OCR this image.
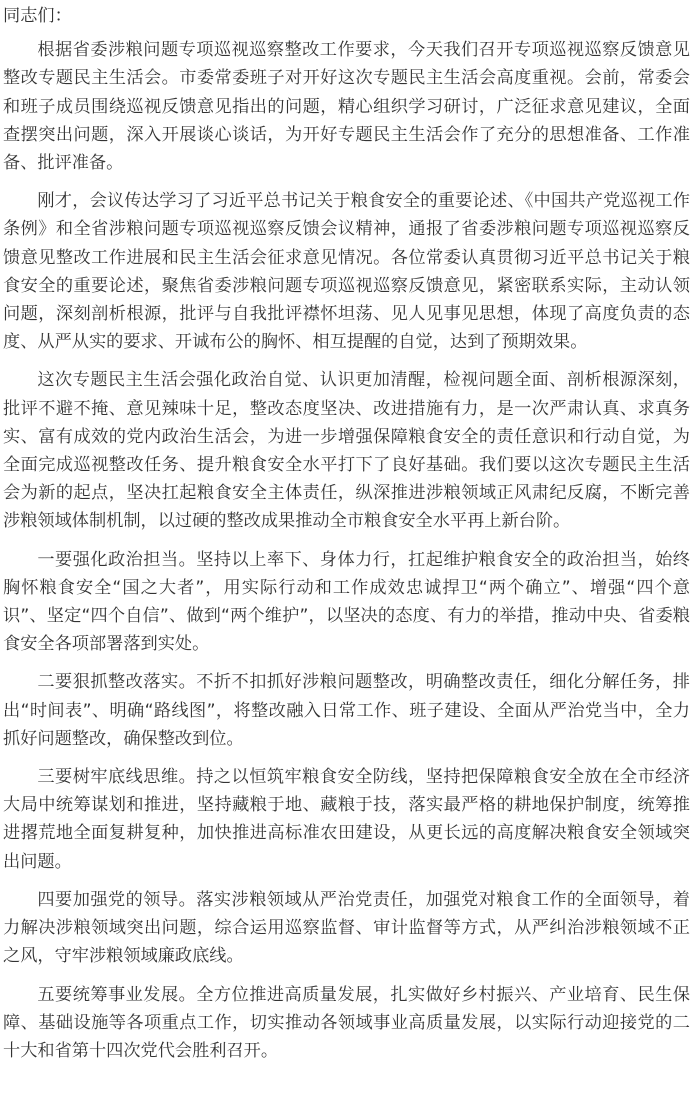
同志们：

根据省委涉粮问题专项巡视巡察整改工作要求，今天我们召开专项巡视巡察反馈意见整改专题民主生活会。市委常委班子对开好这次专题民主生活会高度重视。会前，常委会和班子成员围绕巡视反馈意见指出的问题，精心组织学习研讨，广泛征求意见建议，全面查摆突出问题，深入开展谈心谈话，为开好专题民主生活会作了充分的思想准备、工作准备、批评准备。

刚才，会议传达学习了习近平总书记关于粮食安全的重要论述、《中国共产党巡视工作条例》和全省涉粮问题专项巡视巡察反馈会议精神，通报了省委涉粮问题专项巡视巡察反馈意见整改工作进展和民主生活会征求意见情况。各位常委认真贯彻习近平总书记关于粮食安全的重要论述，聚焦省委涉粮问题专项巡视巡察反馈意见，紧密联系实际，主动认领问题，深刻剖析根源，批评与自我批评襟怀坦荡、见人见事见思想，体现了高度负责的态度、从严从实的要求、开诚布公的胸怀、相互提醒的自觉，达到了预期效果。

这次专题民主生活会强化政治自觉、认识更加清醒，检视问题全面、剖析根源深刻，批评不避不掩、意见辣味十足，整改态度坚决、改进措施有力，是一次严肃认真、求真务实、富有成效的党内政治生活会，为进一步增强保障粮食安全的责任意识和行动自觉，为全面完成巡视整改任务、提升粮食安全水平打下了良好基础。我们要以这次专题民主生活会为新的起点，坚决扛起粮食安全主体责任，纵深推进涉粮领域正风肃纪反腐，不断完善涉粮领域体制机制，以过硬的整改成果推动全市粮食安全水平再上新台阶。

一要强化政治担当。坚持以上率下、身体力行，扛起维护粮食安全的政治担当，始终胸怀粮食安全“国之大者”，用实际行动和工作成效忠诚捍卫“两个确立”、增强“四个意识”、坚定“四个自信”、做到“两个维护”，以坚决的态度、有力的举措，推动中央、省委粮食安全各项部署落到实处。

二要狠抓整改落实。不折不扣抓好涉粮问题整改，明确整改责任，细化分解任务，排出“时间表”、明确“路线图”，将整改融入日常工作、班子建设、全面从严治党当中，全力抓好问题整改，确保整改到位。

三要树牢底线思维。持之以恒筑牢粮食安全防线，坚持把保障粮食安全放在全市经济大局中统筹谋划和推进，坚持藏粮于地、藏粮于技，落实最严格的耕地保护制度，统筹推进撂荒地全面复耕复种，加快推进高标准农田建设，从更长远的高度解决粮食安全领域突出问题。

四要加强党的领导。落实涉粮领域从严治党责任，加强党对粮食工作的全面领导，着力解决涉粮领域突出问题，综合运用巡察监督、审计监督等方式，从严纠治涉粮领域不正之风，守牢涉粮领域廉政底线。

五要统筹事业发展。全方位推进高质量发展，扎实做好乡村振兴、产业培育、民生保障、基础设施等各项重点工作，切实推动各领域事业高质量发展，以实际行动迎接党的二十大和省第十四次党代会胜利召开。
